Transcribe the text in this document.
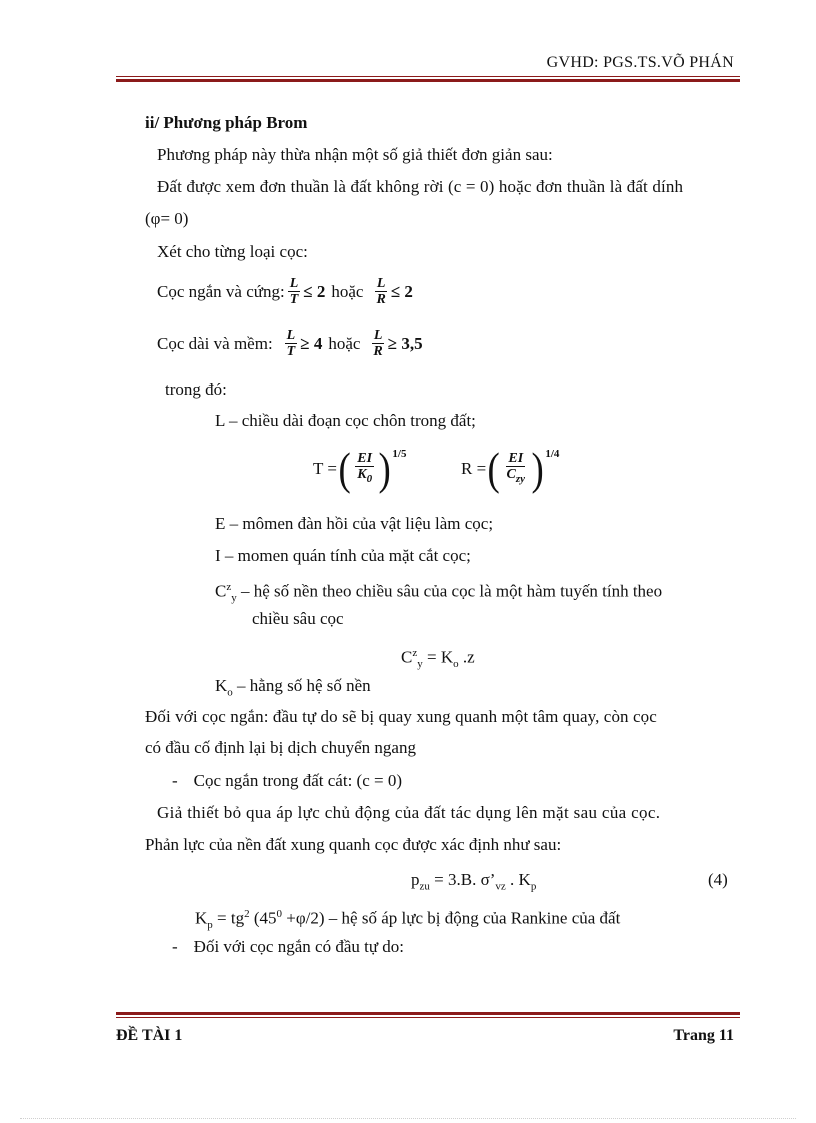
GVHD: PGS.TS.VÕ PHÁN
ii/ Phương pháp Brom
Phương pháp này thừa nhận một số giả thiết đơn giản sau:
Đất được xem đơn thuần là đất không rời (c = 0) hoặc đơn thuần là đất dính
(φ= 0)
Xét cho từng loại cọc:
Cọc ngắn và cứng: $\frac{L}{T} \le 2$ hoặc $\frac{L}{R} \le 2$
Cọc dài và mềm: $\frac{L}{T} \ge 4$ hoặc $\frac{L}{R} \ge 3,5$
trong đó:
L – chiều dài đoạn cọc chôn trong đất;
T = ( $\frac{EI}{K_0}$ ) 1/5
R = ( $\frac{EI}{C_{zy}}$ ) 1/4
E – mômen đàn hồi của vật liệu làm cọc;
I – momen quán tính của mặt cắt cọc;
$C^z_y$ – hệ số nền theo chiều sâu của cọc là một hàm tuyến tính theo
chiều sâu cọc
$C^z_y = K_o$ .z
$K_o$ – hằng số hệ số nền
Đối với cọc ngắn: đầu tự do sẽ bị quay xung quanh một tâm quay, còn cọc
có đầu cố định lại bị dịch chuyển ngang
- Cọc ngắn trong đất cát: (c = 0)
Giả thiết bỏ qua áp lực chủ động của đất tác dụng lên mặt sau của cọc.
Phản lực của nền đất xung quanh cọc được xác định như sau:
$p_{zu} = 3.B$. $\sigma’_{vz}$ . $K_p$	(4)
$K_p = tg^2$ $(45^0 +\varphi/2)$ – hệ số áp lực bị động của Rankine của đất
- Đối với cọc ngắn có đầu tự do:
ĐỀ TÀI 1	Trang 11
